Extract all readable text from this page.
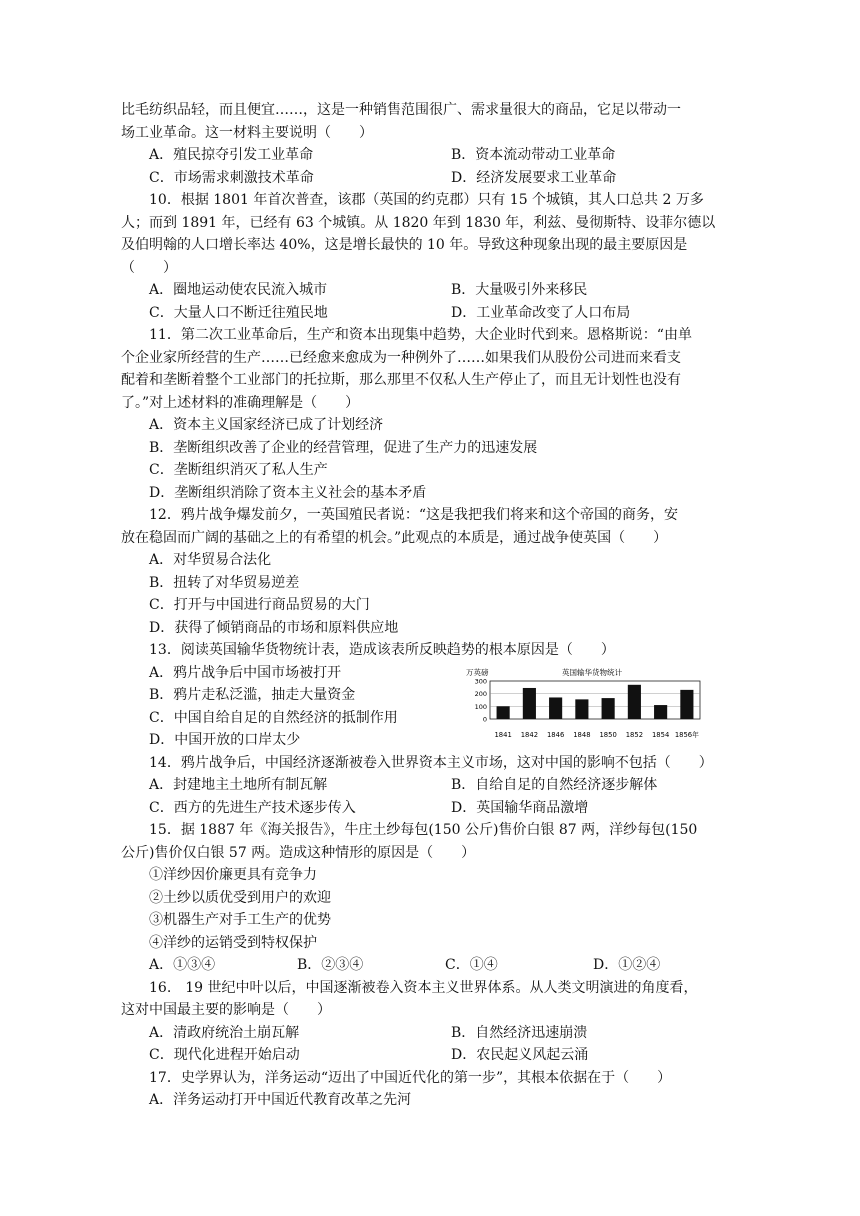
比毛纺织品轻，而且便宜……，这是一种销售范围很广、需求量很大的商品，它足以带动一
场工业革命。这一材料主要说明（　　）
A．殖民掠夺引发工业革命	B．资本流动带动工业革命
C．市场需求刺激技术革命	D．经济发展要求工业革命
10．根据 1801 年首次普查，该郡（英国的约克郡）只有 15 个城镇，其人口总共 2 万多
人；而到 1891 年，已经有 63 个城镇。从 1820 年到 1830 年，利兹、曼彻斯特、设菲尔德以
及伯明翰的人口增长率达 40%，这是增长最快的 10 年。导致这种现象出现的最主要原因是
（　　）
A．圈地运动使农民流入城市	B．大量吸引外来移民
C．大量人口不断迁往殖民地	D．工业革命改变了人口布局
11．第二次工业革命后，生产和资本出现集中趋势，大企业时代到来。恩格斯说：“由单
个企业家所经营的生产……已经愈来愈成为一种例外了……如果我们从股份公司进而来看支
配着和垄断着整个工业部门的托拉斯，那么那里不仅私人生产停止了，而且无计划性也没有
了。”对上述材料的准确理解是（　　）
A．资本主义国家经济已成了计划经济
B．垄断组织改善了企业的经营管理，促进了生产力的迅速发展
C．垄断组织消灭了私人生产
D．垄断组织消除了资本主义社会的基本矛盾
12．鸦片战争爆发前夕，一英国殖民者说：“这是我把我们将来和这个帝国的商务，安
放在稳固而广阔的基础之上的有希望的机会。”此观点的本质是，通过战争使英国（　　）
A．对华贸易合法化
B．扭转了对华贸易逆差
C．打开与中国进行商品贸易的大门
D．获得了倾销商品的市场和原料供应地
13．阅读英国输华货物统计表，造成该表所反映趋势的根本原因是（　　）
A．鸦片战争后中国市场被打开
B．鸦片走私泛滥，抽走大量资金
C．中国自给自足的自然经济的抵制作用
D．中国开放的口岸太少
万英磅	英国输华货物统计
300
200
100
0
1841 1842 1846 1848 1850 1852 1854 1856年
14．鸦片战争后，中国经济逐渐被卷入世界资本主义市场，这对中国的影响不包括（　　）
A．封建地主土地所有制瓦解	B．自给自足的自然经济逐步解体
C．西方的先进生产技术逐步传入	D．英国输华商品激增
15．据 1887 年《海关报告》，牛庄土纱每包(150 公斤)售价白银 87 两，洋纱每包(150
公斤)售价仅白银 57 两。造成这种情形的原因是（　　）
①洋纱因价廉更具有竞争力
②土纱以质优受到用户的欢迎
③机器生产对手工生产的优势
④洋纱的运销受到特权保护
A．①③④	B．②③④	C．①④	D．①②④
16.　19 世纪中叶以后，中国逐渐被卷入资本主义世界体系。从人类文明演进的角度看，
这对中国最主要的影响是（　　）
A．清政府统治土崩瓦解	B．自然经济迅速崩溃
C．现代化进程开始启动	D．农民起义风起云涌
17．史学界认为，洋务运动“迈出了中国近代化的第一步”，其根本依据在于（　　）
A．洋务运动打开中国近代教育改革之先河
